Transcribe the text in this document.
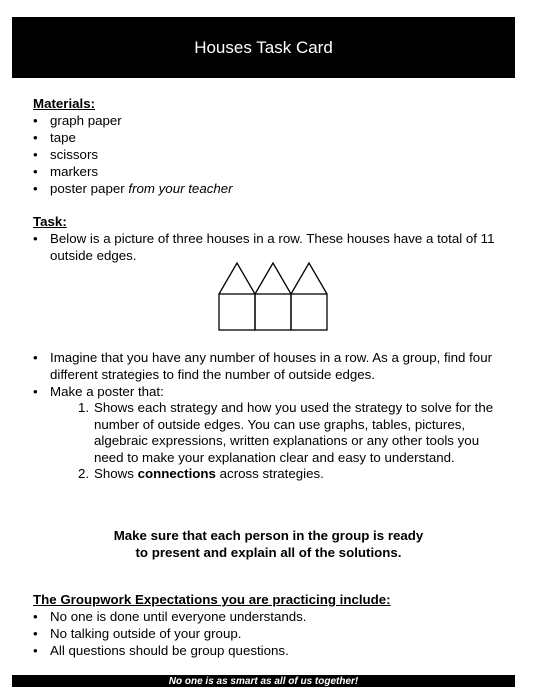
Houses Task Card
Materials:
• graph paper
• tape
• scissors
• markers
• poster paper from your teacher
Task:
• Below is a picture of three houses in a row. These houses have a total of 11 outside edges.
• Imagine that you have any number of houses in a row. As a group, find four different strategies to find the number of outside edges.
• Make a poster that:
1. Shows each strategy and how you used the strategy to solve for the number of outside edges. You can use graphs, tables, pictures, algebraic expressions, written explanations or any other tools you need to make your explanation clear and easy to understand.
2. Shows connections across strategies.
Make sure that each person in the group is ready
to present and explain all of the solutions.
The Groupwork Expectations you are practicing include:
• No one is done until everyone understands.
• No talking outside of your group.
• All questions should be group questions.
No one is as smart as all of us together!
